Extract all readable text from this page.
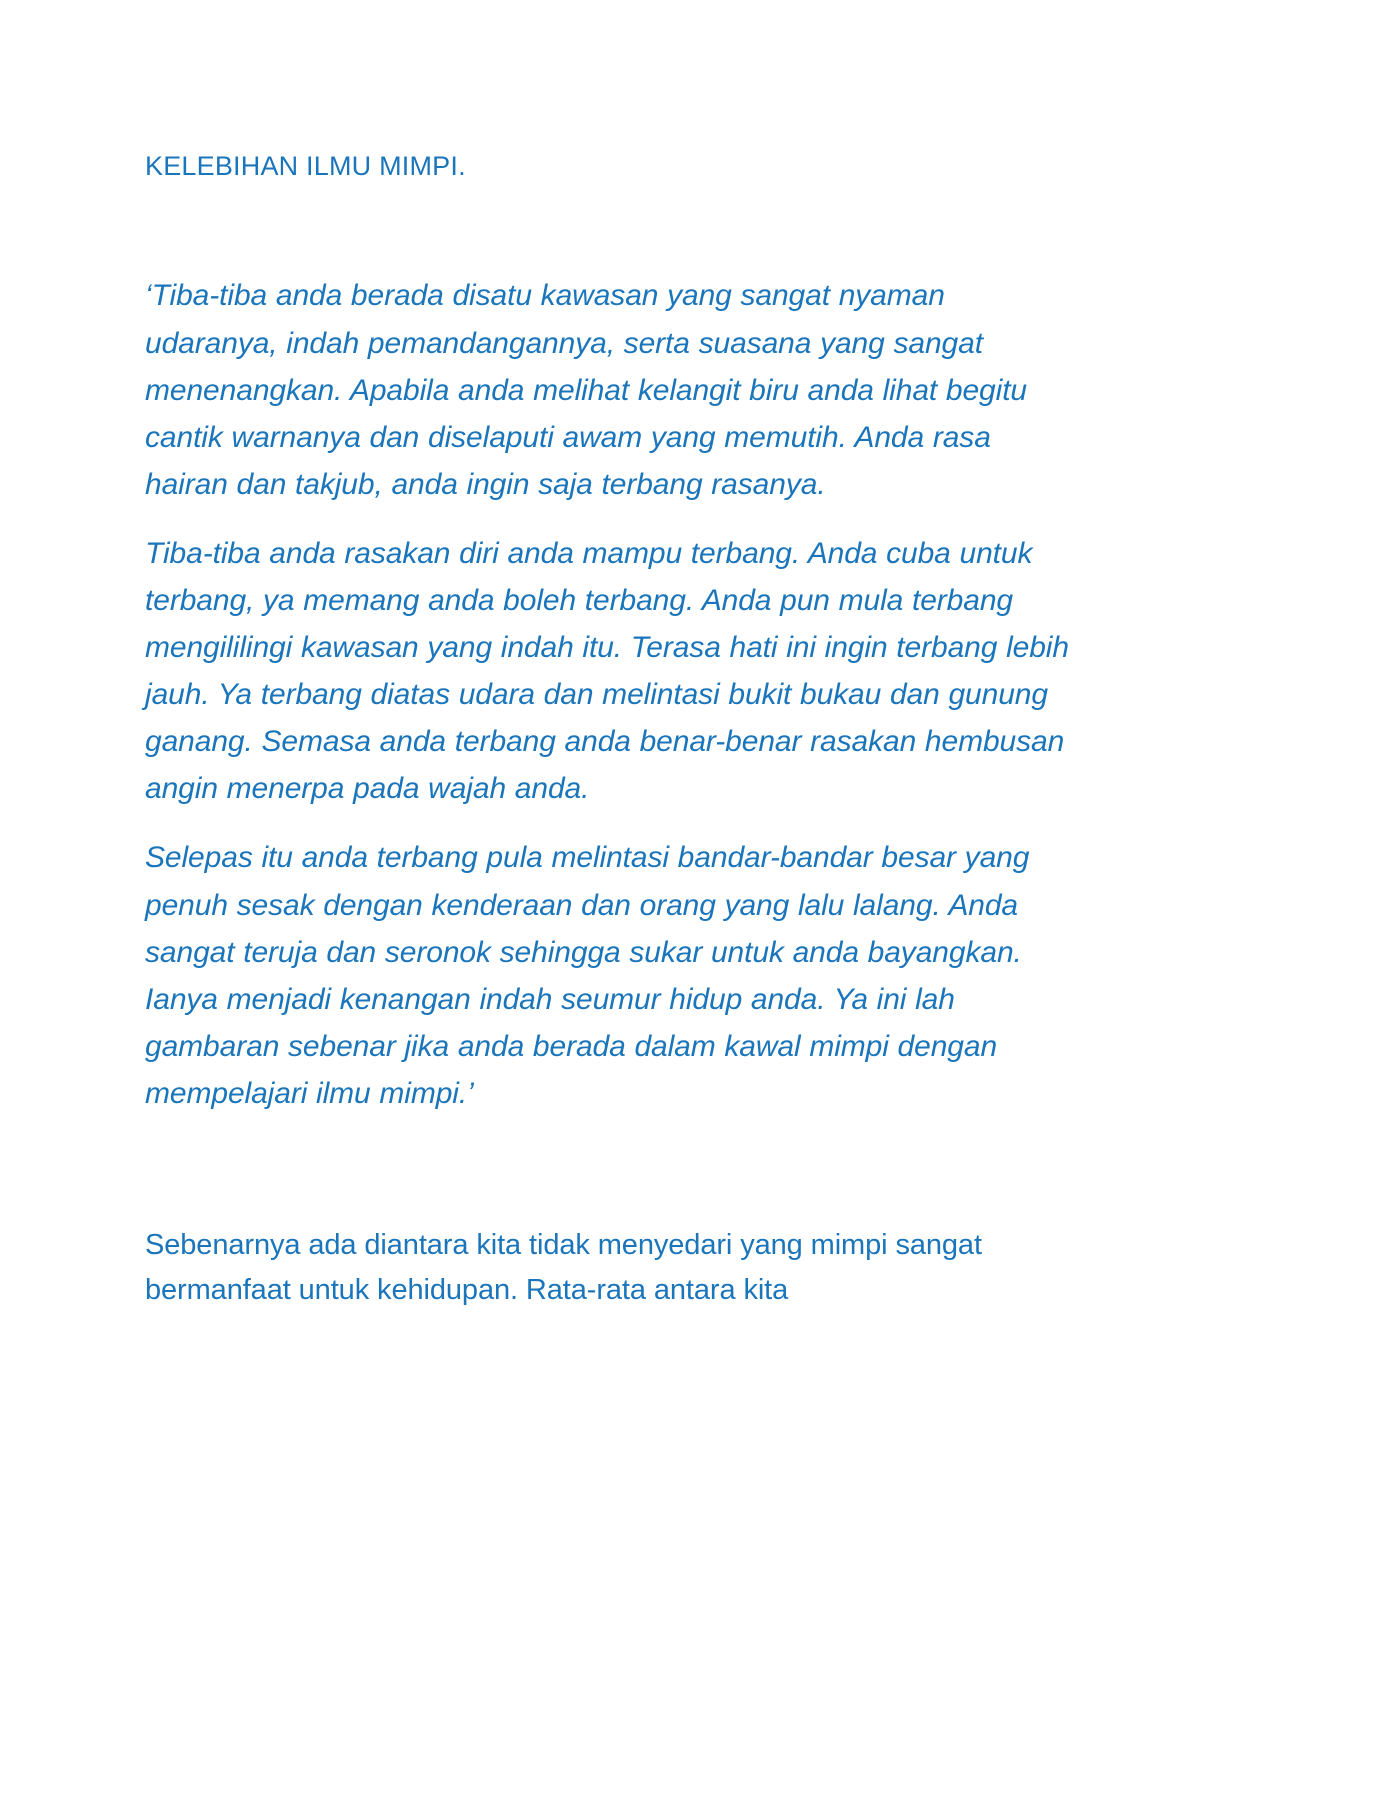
KELEBIHAN ILMU MIMPI.

‘Tiba-tiba anda berada disatu kawasan yang sangat nyaman udaranya, indah pemandangannya, serta suasana yang sangat menenangkan. Apabila anda melihat kelangit biru anda lihat begitu cantik warnanya dan diselaputi awam yang memutih. Anda rasa hairan dan takjub, anda ingin saja terbang rasanya.

Tiba-tiba anda rasakan diri anda mampu terbang. Anda cuba untuk terbang, ya memang anda boleh terbang. Anda pun mula terbang mengililingi kawasan yang indah itu. Terasa hati ini ingin terbang lebih jauh. Ya terbang diatas udara dan melintasi bukit bukau dan gunung ganang. Semasa anda terbang anda benar-benar rasakan hembusan angin menerpa pada wajah anda.

Selepas itu anda terbang pula melintasi bandar-bandar besar yang penuh sesak dengan kenderaan dan orang yang lalu lalang. Anda sangat teruja dan seronok sehingga sukar untuk anda bayangkan. Ianya menjadi kenangan indah seumur hidup anda. Ya ini lah gambaran sebenar jika anda berada dalam kawal mimpi dengan mempelajari ilmu mimpi.’

Sebenarnya ada diantara kita tidak menyedari yang mimpi sangat bermanfaat untuk kehidupan. Rata-rata antara kita
